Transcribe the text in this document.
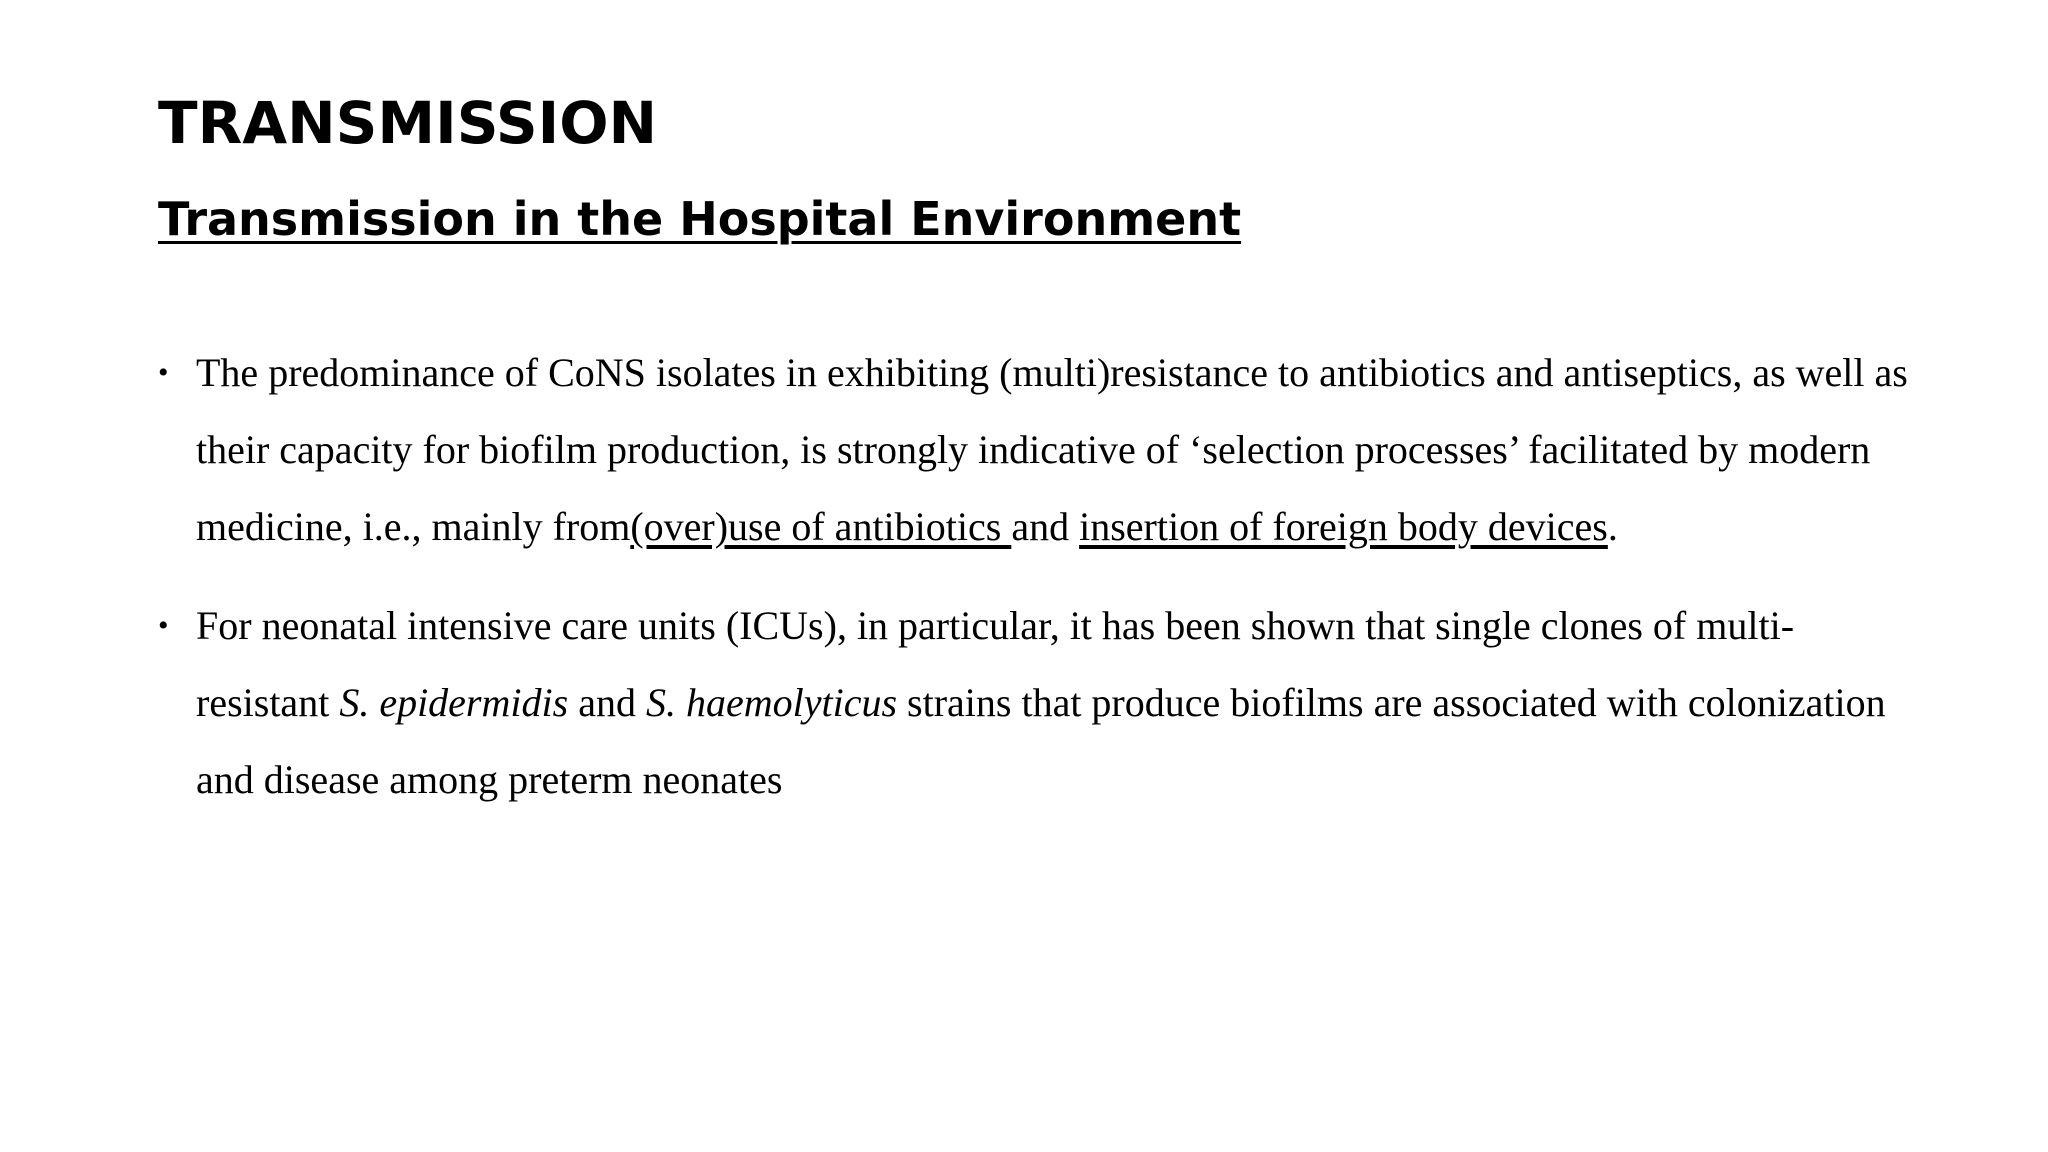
TRANSMISSION
Transmission in the Hospital Environment
• The predominance of CoNS isolates in exhibiting (multi)resistance to antibiotics and antiseptics, as well as their capacity for biofilm production, is strongly indicative of ‘selection processes’ facilitated by modern medicine, i.e., mainly from(over)use of antibiotics and insertion of foreign body devices.
• For neonatal intensive care units (ICUs), in particular, it has been shown that single clones of multi-resistant S. epidermidis and S. haemolyticus strains that produce biofilms are associated with colonization and disease among preterm neonates
